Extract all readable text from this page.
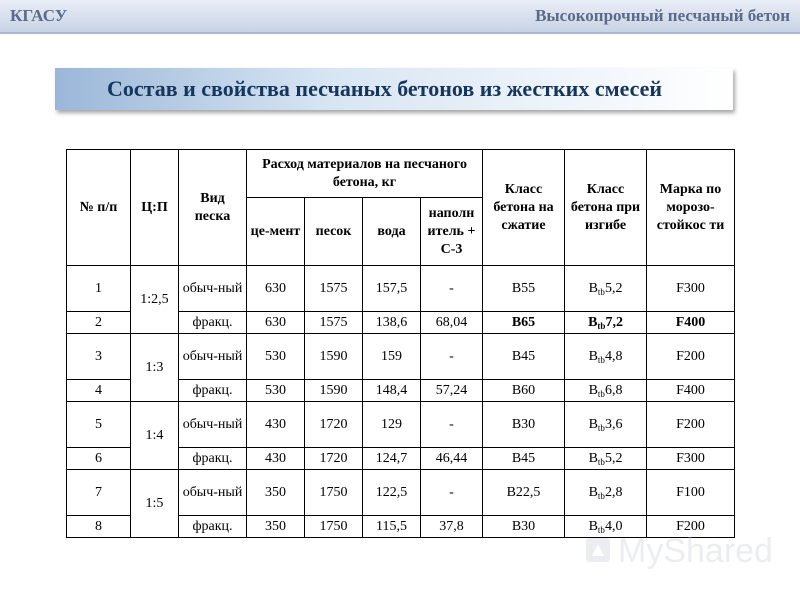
КГАСУ	Высокопрочный песчаный бетон
Состав и свойства песчаных бетонов из жестких смесей
№ п/п	Ц:П	Вид песка	Расход материалов на песчаного бетона, кг				Класс бетона на сжатие	Класс бетона при изгибе	Марка по морозо-стойкос ти
			це-мент	песок	вода	наполн итель + С-3			
1	1:2,5	обыч-ный	630	1575	157,5	-	В55	$В_{tb}5,2$	F300
2		фракц.	630	1575	138,6	68,04	В65	$В_{tb}7,2$	F400
3	1:3	обыч-ный	530	1590	159	-	В45	$В_{tb}4,8$	F200
4		фракц.	530	1590	148,4	57,24	В60	$В_{tb}6,8$	F400
5	1:4	обыч-ный	430	1720	129	-	В30	$В_{tb}3,6$	F200
6		фракц.	430	1720	124,7	46,44	В45	$В_{tb}5,2$	F300
7	1:5	обыч-ный	350	1750	122,5	-	В22,5	$В_{tb}2,8$	F100
8		фракц.	350	1750	115,5	37,8	В30	$В_{tb}4,0$	F200
MyShared
